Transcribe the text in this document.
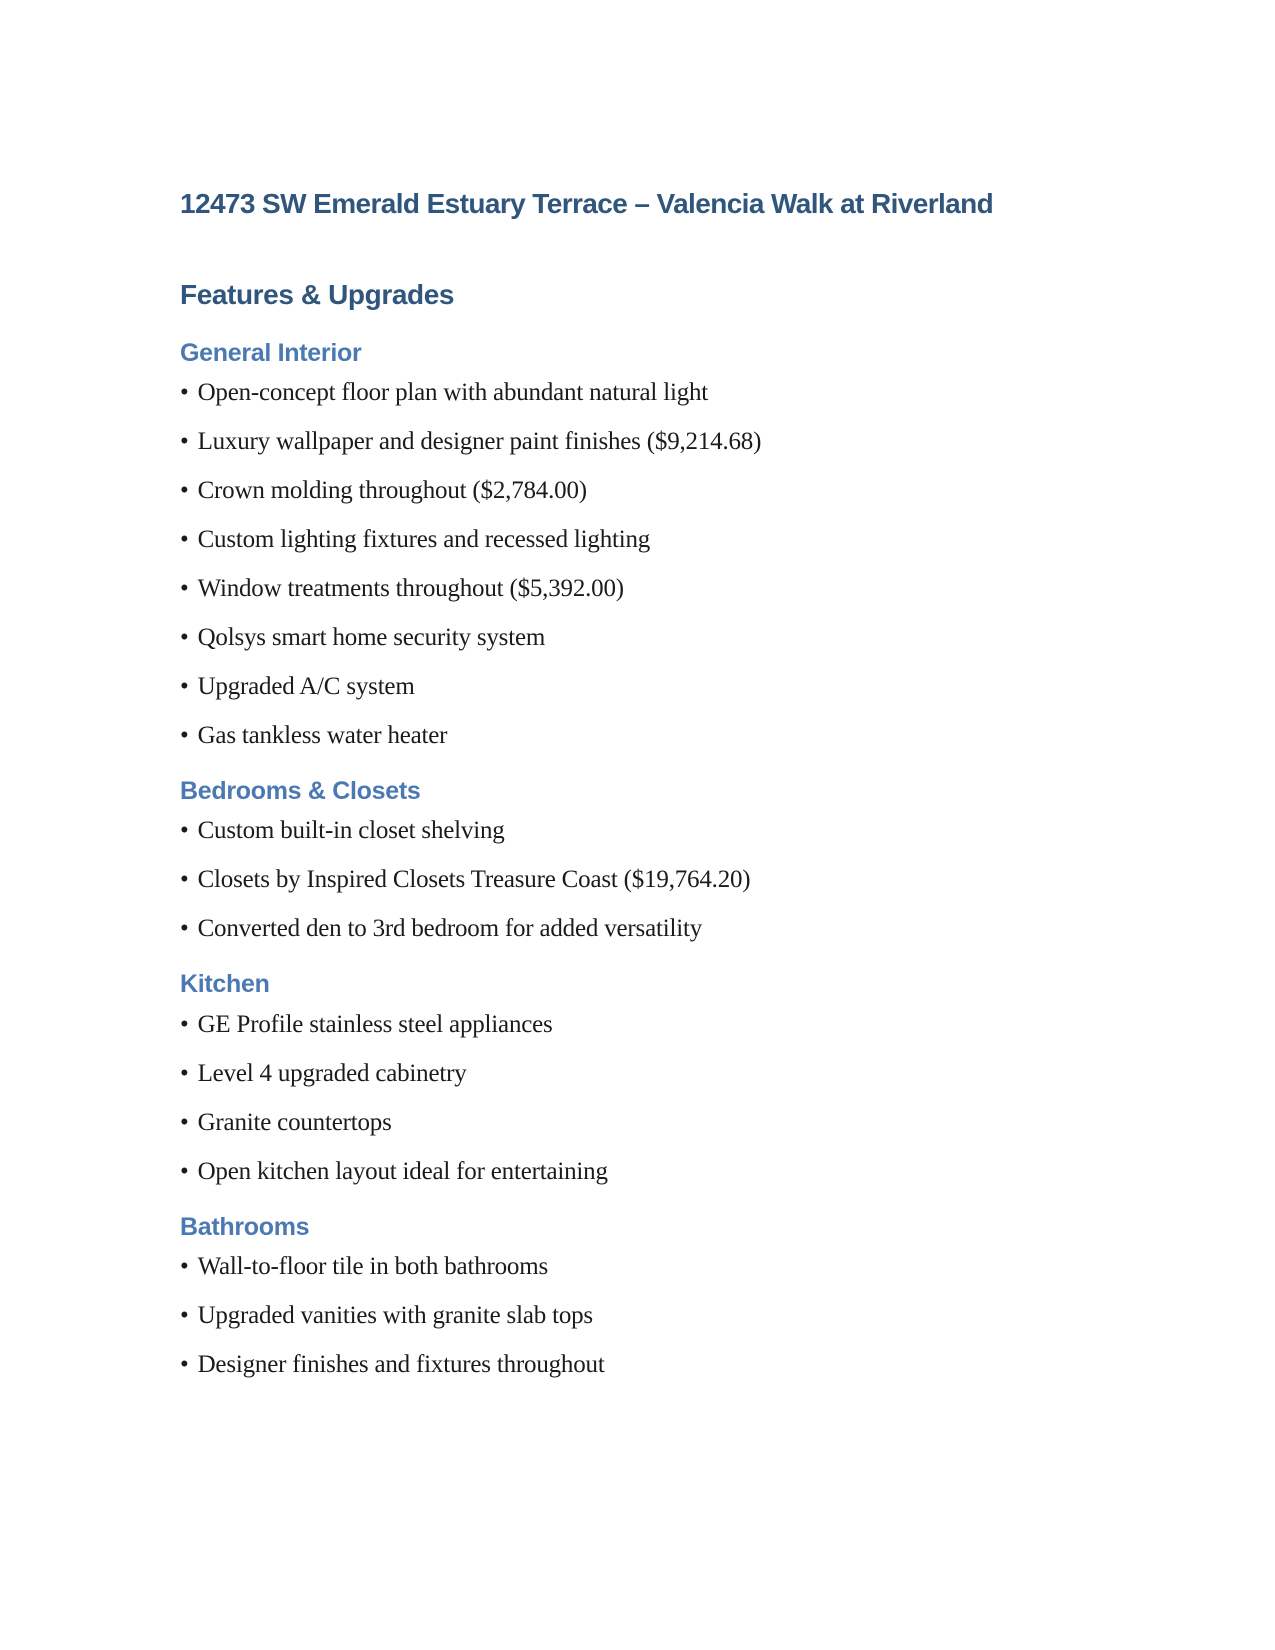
12473 SW Emerald Estuary Terrace – Valencia Walk at Riverland
Features & Upgrades
General Interior
• Open-concept floor plan with abundant natural light
• Luxury wallpaper and designer paint finishes ($9,214.68)
• Crown molding throughout ($2,784.00)
• Custom lighting fixtures and recessed lighting
• Window treatments throughout ($5,392.00)
• Qolsys smart home security system
• Upgraded A/C system
• Gas tankless water heater
Bedrooms & Closets
• Custom built-in closet shelving
• Closets by Inspired Closets Treasure Coast ($19,764.20)
• Converted den to 3rd bedroom for added versatility
Kitchen
• GE Profile stainless steel appliances
• Level 4 upgraded cabinetry
• Granite countertops
• Open kitchen layout ideal for entertaining
Bathrooms
• Wall-to-floor tile in both bathrooms
• Upgraded vanities with granite slab tops
• Designer finishes and fixtures throughout
